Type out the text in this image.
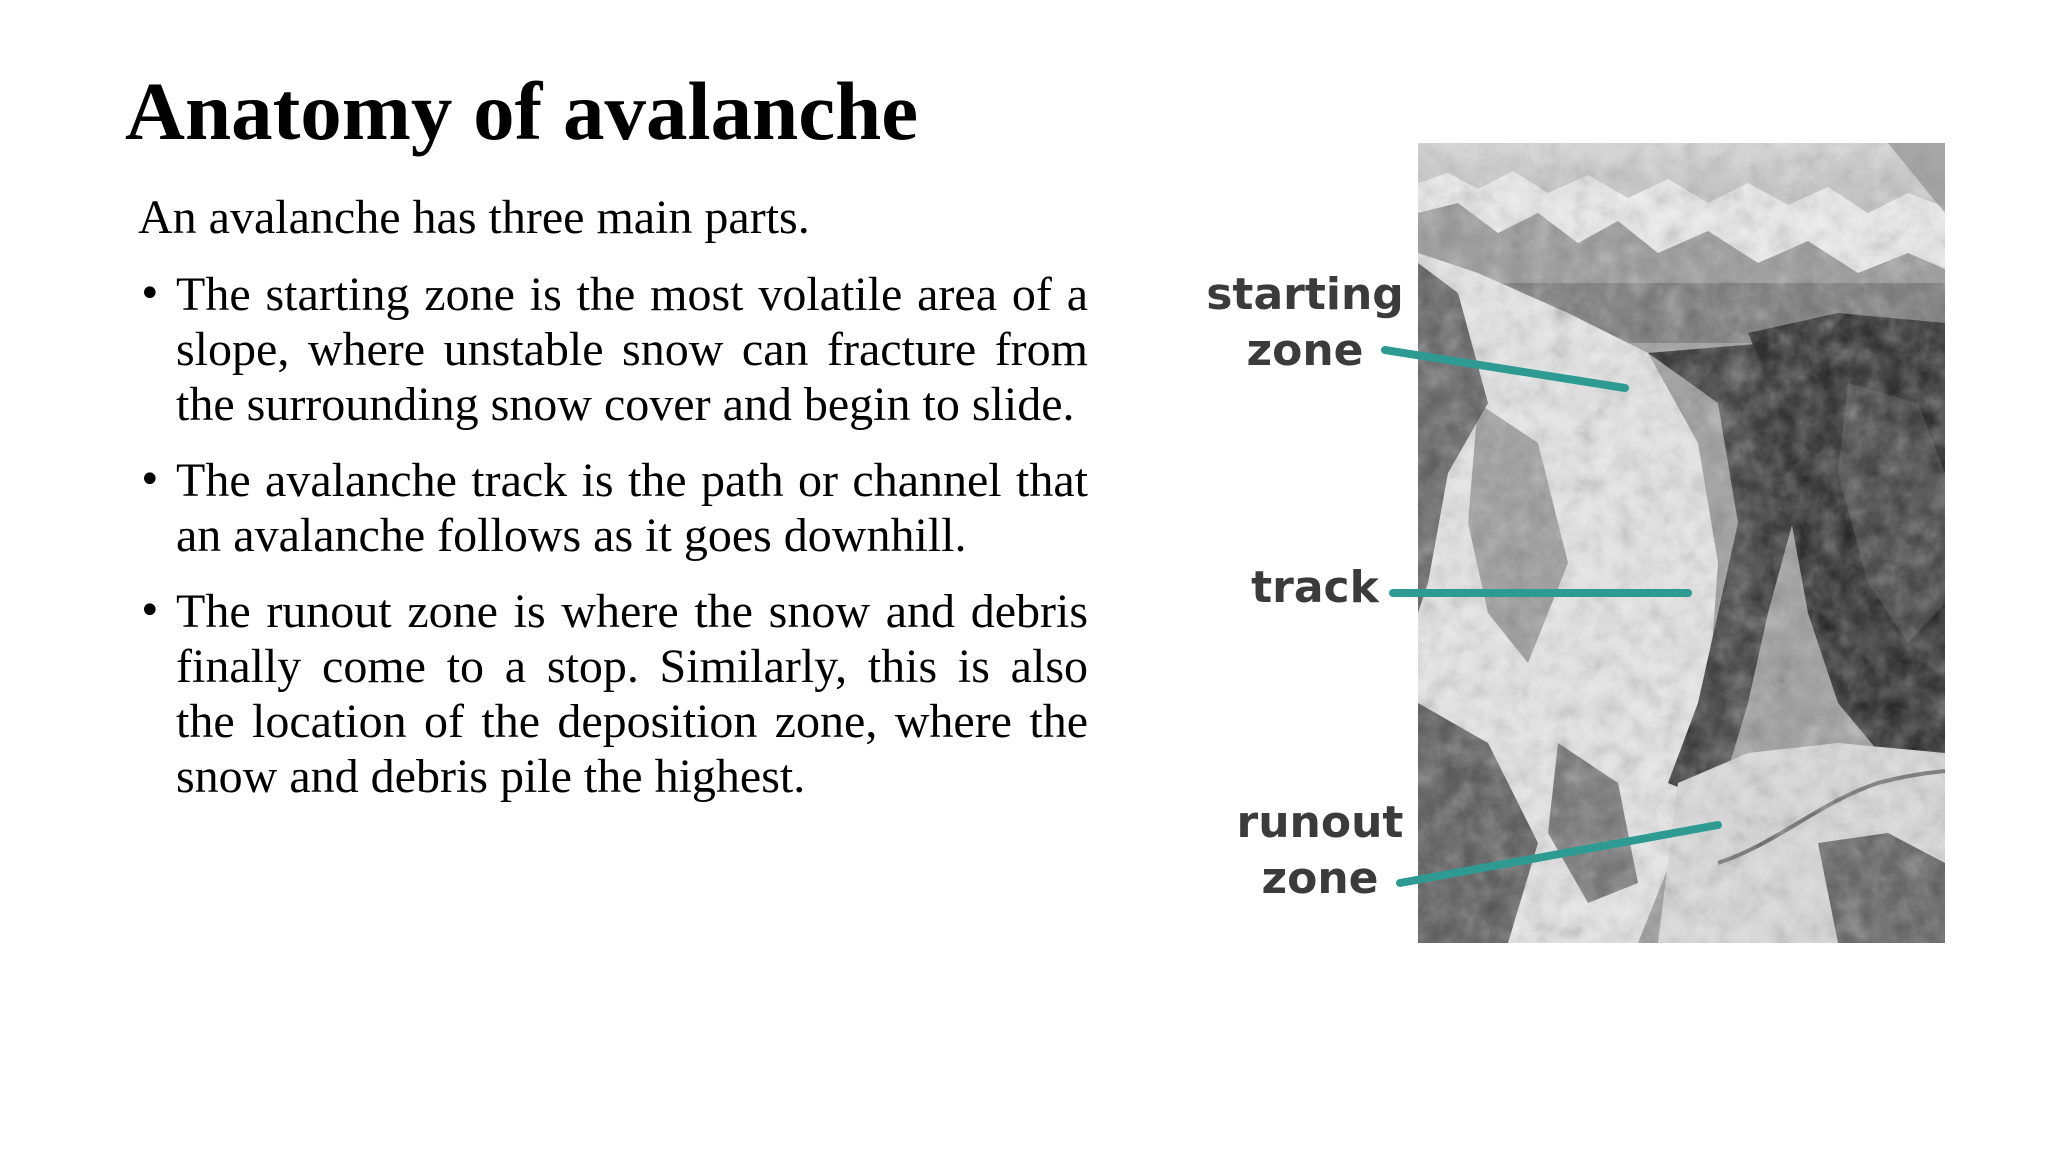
Anatomy of avalanche

An avalanche has three main parts.

• The starting zone is the most volatile area of a slope, where unstable snow can fracture from the surrounding snow cover and begin to slide.
• The avalanche track is the path or channel that an avalanche follows as it goes downhill.
• The runout zone is where the snow and debris finally come to a stop. Similarly, this is also the location of the deposition zone, where the snow and debris pile the highest.
starting
zone
track
runout
zone
